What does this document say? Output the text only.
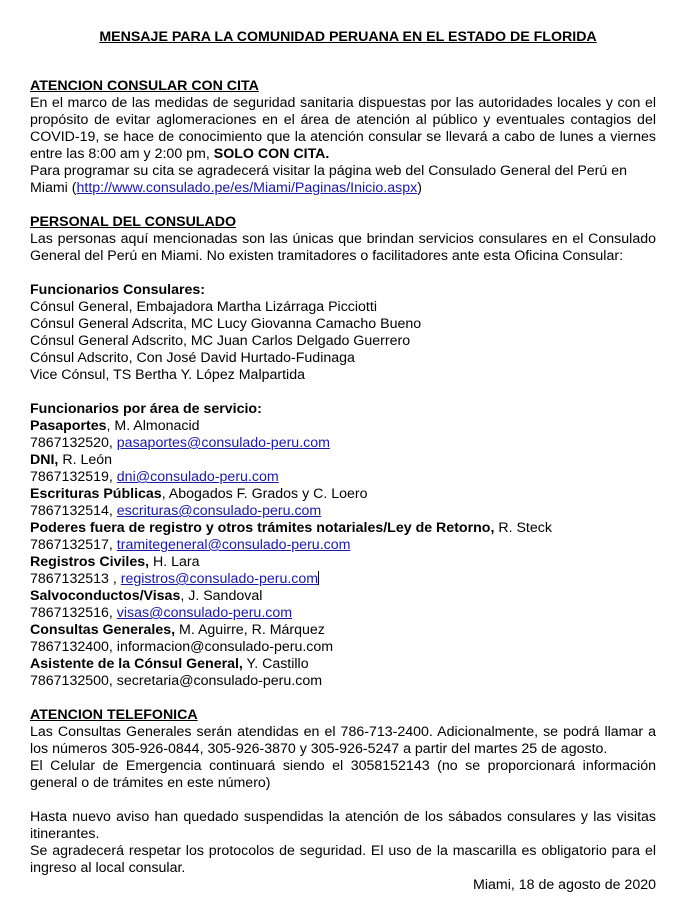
MENSAJE PARA LA COMUNIDAD PERUANA EN EL ESTADO DE FLORIDA
ATENCION CONSULAR CON CITA

En el marco de las medidas de seguridad sanitaria dispuestas por las autoridades locales y con el propósito de evitar aglomeraciones en el área de atención al público y eventuales contagios del COVID-19, se hace de conocimiento que la atención consular se llevará a cabo de lunes a viernes entre las 8:00 am y 2:00 pm, SOLO CON CITA.

Para programar su cita se agradecerá visitar la página web del Consulado General del Perú en Miami (http://www.consulado.pe/es/Miami/Paginas/Inicio.aspx)

PERSONAL DEL CONSULADO

Las personas aquí mencionadas son las únicas que brindan servicios consulares en el Consulado General del Perú en Miami. No existen tramitadores o facilitadores ante esta Oficina Consular:

Funcionarios Consulares:
Cónsul General, Embajadora Martha Lizárraga Picciotti
Cónsul General Adscrita, MC Lucy Giovanna Camacho Bueno
Cónsul General Adscrito, MC Juan Carlos Delgado Guerrero
Cónsul Adscrito, Con José David Hurtado-Fudinaga
Vice Cónsul, TS Bertha Y. López Malpartida
Funcionarios por área de servicio:
Pasaportes, M. Almonacid
7867132520, pasaportes@consulado-peru.com
DNI, R. León
7867132519, dni@consulado-peru.com
Escrituras Públicas, Abogados F. Grados y C. Loero
7867132514, escrituras@consulado-peru.com
Poderes fuera de registro y otros trámites notariales/Ley de Retorno, R. Steck
7867132517, tramitegeneral@consulado-peru.com
Registros Civiles, H. Lara
7867132513 , registros@consulado-peru.com
Salvoconductos/Visas, J. Sandoval
7867132516, visas@consulado-peru.com
Consultas Generales, M. Aguirre, R. Márquez
7867132400, informacion@consulado-peru.com
Asistente de la Cónsul General, Y. Castillo
7867132500, secretaria@consulado-peru.com
ATENCION TELEFONICA

Las Consultas Generales serán atendidas en el 786-713-2400. Adicionalmente, se podrá llamar a los números 305-926-0844, 305-926-3870 y 305-926-5247 a partir del martes 25 de agosto.

El Celular de Emergencia continuará siendo el 3058152143 (no se proporcionará información general o de trámites en este número)

Hasta nuevo aviso han quedado suspendidas la atención de los sábados consulares y las visitas itinerantes.

Se agradecerá respetar los protocolos de seguridad. El uso de la mascarilla es obligatorio para el ingreso al local consular.

Miami, 18 de agosto de 2020
